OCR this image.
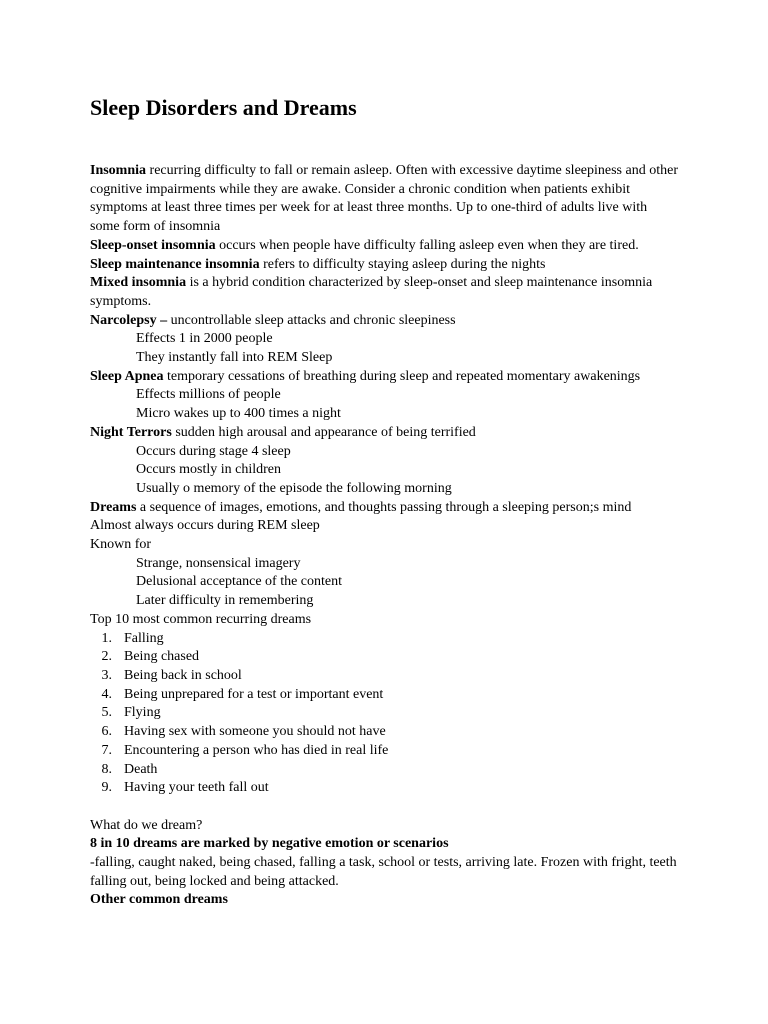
Sleep Disorders and Dreams

Insomnia recurring difficulty to fall or remain asleep. Often with excessive daytime sleepiness and other cognitive impairments while they are awake. Consider a chronic condition when patients exhibit symptoms at least three times per week for at least three months. Up to one-third of adults live with some form of insomnia

Sleep-onset insomnia occurs when people have difficulty falling asleep even when they are tired.

Sleep maintenance insomnia refers to difficulty staying asleep during the nights

Mixed insomnia is a hybrid condition characterized by sleep-onset and sleep maintenance insomnia symptoms.

Narcolepsy – uncontrollable sleep attacks and chronic sleepiness

Effects 1 in 2000 people

They instantly fall into REM Sleep

Sleep Apnea temporary cessations of breathing during sleep and repeated momentary awakenings

Effects millions of people

Micro wakes up to 400 times a night

Night Terrors sudden high arousal and appearance of being terrified

Occurs during stage 4 sleep

Occurs mostly in children

Usually o memory of the episode the following morning

Dreams a sequence of images, emotions, and thoughts passing through a sleeping person;s mind

Almost always occurs during REM sleep

Known for

Strange, nonsensical imagery

Delusional acceptance of the content

Later difficulty in remembering

Top 10 most common recurring dreams

1. Falling
2. Being chased
3. Being back in school
4. Being unprepared for a test or important event
5. Flying
6. Having sex with someone you should not have
7. Encountering a person who has died in real life
8. Death
9. Having your teeth fall out

What do we dream?

8 in 10 dreams are marked by negative emotion or scenarios

-falling, caught naked, being chased, falling a task, school or tests, arriving late. Frozen with fright, teeth falling out, being locked and being attacked.

Other common dreams
